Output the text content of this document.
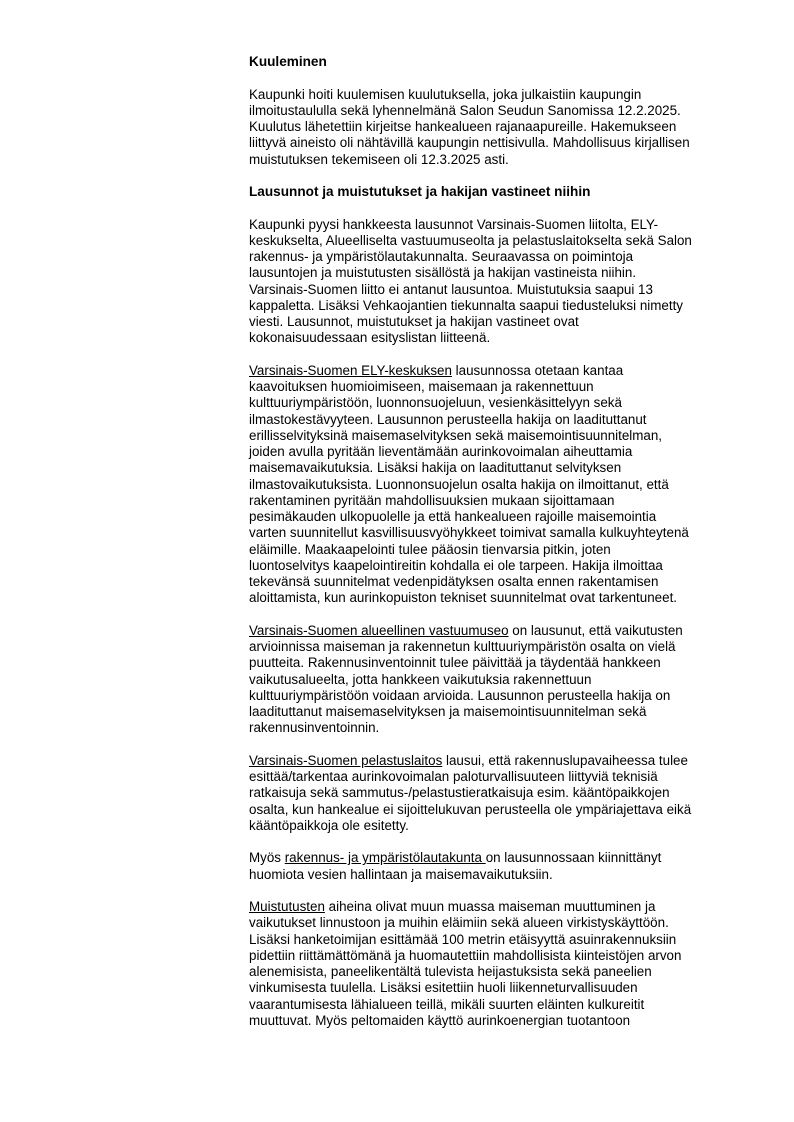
Kuuleminen

Kaupunki hoiti kuulemisen kuulutuksella, joka julkaistiin kaupungin
ilmoitustaululla sekä lyhennelmänä Salon Seudun Sanomissa 12.2.2025.
Kuulutus lähetettiin kirjeitse hankealueen rajanaapureille. Hakemukseen
liittyvä aineisto oli nähtävillä kaupungin nettisivulla. Mahdollisuus kirjallisen
muistutuksen tekemiseen oli 12.3.2025 asti.

Lausunnot ja muistutukset ja hakijan vastineet niihin

Kaupunki pyysi hankkeesta lausunnot Varsinais-Suomen liitolta, ELY-
keskukselta, Alueelliselta vastuumuseolta ja pelastuslaitokselta sekä Salon
rakennus- ja ympäristölautakunnalta. Seuraavassa on poimintoja
lausuntojen ja muistutusten sisällöstä ja hakijan vastineista niihin.
Varsinais-Suomen liitto ei antanut lausuntoa. Muistutuksia saapui 13
kappaletta. Lisäksi Vehkaojantien tiekunnalta saapui tiedusteluksi nimetty
viesti. Lausunnot, muistutukset ja hakijan vastineet ovat
kokonaisuudessaan esityslistan liitteenä.

Varsinais-Suomen ELY-keskuksen lausunnossa otetaan kantaa
kaavoituksen huomioimiseen, maisemaan ja rakennettuun
kulttuuriympäristöön, luonnonsuojeluun, vesienkäsittelyyn sekä
ilmastokestävyyteen. Lausunnon perusteella hakija on laadituttanut
erillisselvityksinä maisemaselvityksen sekä maisemointisuunnitelman,
joiden avulla pyritään lieventämään aurinkovoimalan aiheuttamia
maisemavaikutuksia. Lisäksi hakija on laadituttanut selvityksen
ilmastovaikutuksista. Luonnonsuojelun osalta hakija on ilmoittanut, että
rakentaminen pyritään mahdollisuuksien mukaan sijoittamaan
pesimäkauden ulkopuolelle ja että hankealueen rajoille maisemointia
varten suunnitellut kasvillisuusvyöhykkeet toimivat samalla kulkuyhteytenä
eläimille. Maakaapelointi tulee pääosin tienvarsia pitkin, joten
luontoselvitys kaapelointireitin kohdalla ei ole tarpeen. Hakija ilmoittaa
tekevänsä suunnitelmat vedenpidätyksen osalta ennen rakentamisen
aloittamista, kun aurinkopuiston tekniset suunnitelmat ovat tarkentuneet.

Varsinais-Suomen alueellinen vastuumuseo on lausunut, että vaikutusten
arvioinnissa maiseman ja rakennetun kulttuuriympäristön osalta on vielä
puutteita. Rakennusinventoinnit tulee päivittää ja täydentää hankkeen
vaikutusalueelta, jotta hankkeen vaikutuksia rakennettuun
kulttuuriympäristöön voidaan arvioida. Lausunnon perusteella hakija on
laadituttanut maisemaselvityksen ja maisemointisuunnitelman sekä
rakennusinventoinnin.

Varsinais-Suomen pelastuslaitos lausui, että rakennuslupavaiheessa tulee
esittää/tarkentaa aurinkovoimalan paloturvallisuuteen liittyviä teknisiä
ratkaisuja sekä sammutus-/pelastustieratkaisuja esim. kääntöpaikkojen
osalta, kun hankealue ei sijoittelukuvan perusteella ole ympäriajettava eikä
kääntöpaikkoja ole esitetty.

Myös rakennus- ja ympäristölautakunta on lausunnossaan kiinnittänyt
huomiota vesien hallintaan ja maisemavaikutuksiin.

Muistutusten aiheina olivat muun muassa maiseman muuttuminen ja
vaikutukset linnustoon ja muihin eläimiin sekä alueen virkistyskäyttöön.
Lisäksi hanketoimijan esittämää 100 metrin etäisyyttä asuinrakennuksiin
pidettiin riittämättömänä ja huomautettiin mahdollisista kiinteistöjen arvon
alenemisista, paneelikentältä tulevista heijastuksista sekä paneelien
vinkumisesta tuulella. Lisäksi esitettiin huoli liikenneturvallisuuden
vaarantumisesta lähialueen teillä, mikäli suurten eläinten kulkureitit
muuttuvat. Myös peltomaiden käyttö aurinkoenergian tuotantoon
